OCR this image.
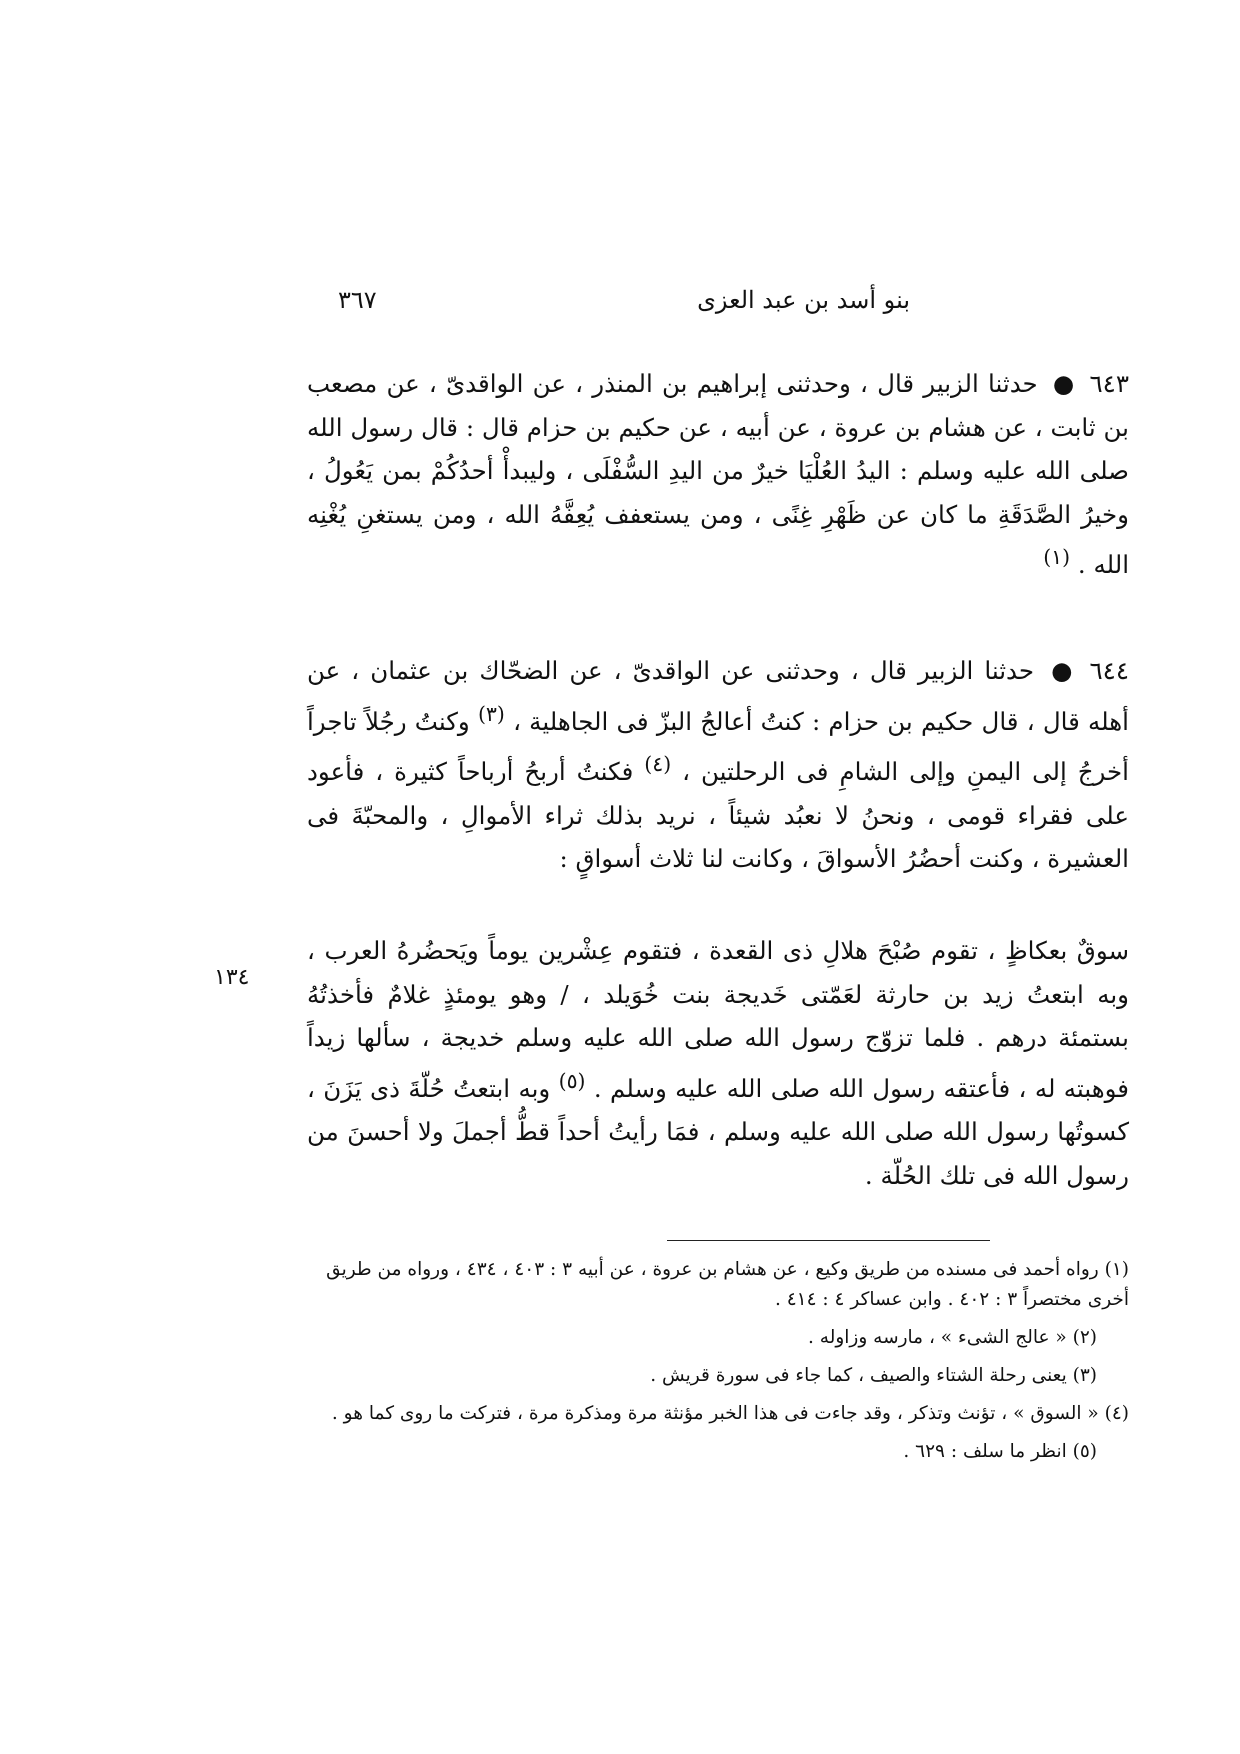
بنو أسد بن عبد العزى
٣٦٧
١٣٤
٦٤٣ ● حدثنا الزبير قال ، وحدثنى إبراهيم بن المنذر ، عن الواقدىّ ، عن مصعب بن ثابت ، عن هشام بن عروة ، عن أبيه ، عن حكيم بن حزام قال : قال رسول الله صلى الله عليه وسلم : اليدُ العُلْيَا خيرٌ من اليدِ السُّفْلَى ، وليبدأْ أحدُكُمْ بمن يَعُولُ ، وخيرُ الصَّدَقَةِ ما كان عن ظَهْرِ غِنًى ، ومن يستعفف يُعِفَّهُ الله ، ومن يستغنِ يُغْنِه الله . $^{(١)}$
٦٤٤ ● حدثنا الزبير قال ، وحدثنى عن الواقدىّ ، عن الضحّاك بن عثمان ، عن أهله قال ، قال حكيم بن حزام : كنتُ أعالجُ البزّ فى الجاهلية ، $^{(٣)}$ وكنتُ رجُلاً تاجراً أخرجُ إلى اليمنِ وإلى الشامِ فى الرحلتين ، $^{(٤)}$ فكنتُ أربحُ أرباحاً كثيرة ، فأعود على فقراء قومى ، ونحنُ لا نعبُد شيئاً ، نريد بذلك ثراء الأموالِ ، والمحبّةَ فى العشيرة ، وكنت أحضُرُ الأسواقَ ، وكانت لنا ثلاث أسواقٍ :
سوقٌ بعكاظٍ ، تقوم صُبْحَ هلالِ ذى القعدة ، فتقوم عِشْرين يوماً ويَحضُرهُ العرب ، وبه ابتعتُ زيد بن حارثة لعَمّتى خَديجة بنت خُوَيلد ، / وهو يومئذٍ غلامٌ فأخذتُهُ بستمئة درهم . فلما تزوّج رسول الله صلى الله عليه وسلم خديجة ، سألها زيداً فوهبته له ، فأعتقه رسول الله صلى الله عليه وسلم . $^{(٥)}$ وبه ابتعتُ حُلّةَ ذى يَزَنَ ، كسوتُها رسول الله صلى الله عليه وسلم ، فمَا رأيتُ أحداً قطُّ أجملَ ولا أحسنَ من رسول الله فى تلك الحُلّة .

(١) رواه أحمد فى مسنده من طريق وكيع ، عن هشام بن عروة ، عن أبيه ٣ : ٤٠٣ ، ٤٣٤ ، ورواه من طريق أخرى مختصراً ٣ : ٤٠٢ . وابن عساكر ٤ : ٤١٤ .

(٢) « عالج الشىء » ، مارسه وزاوله .

(٣) يعنى رحلة الشتاء والصيف ، كما جاء فى سورة قريش .

(٤) « السوق » ، تؤنث وتذكر ، وقد جاءت فى هذا الخبر مؤنثة مرة ومذكرة مرة ، فتركت ما روى كما هو .

(٥) انظر ما سلف : ٦٢٩ .
